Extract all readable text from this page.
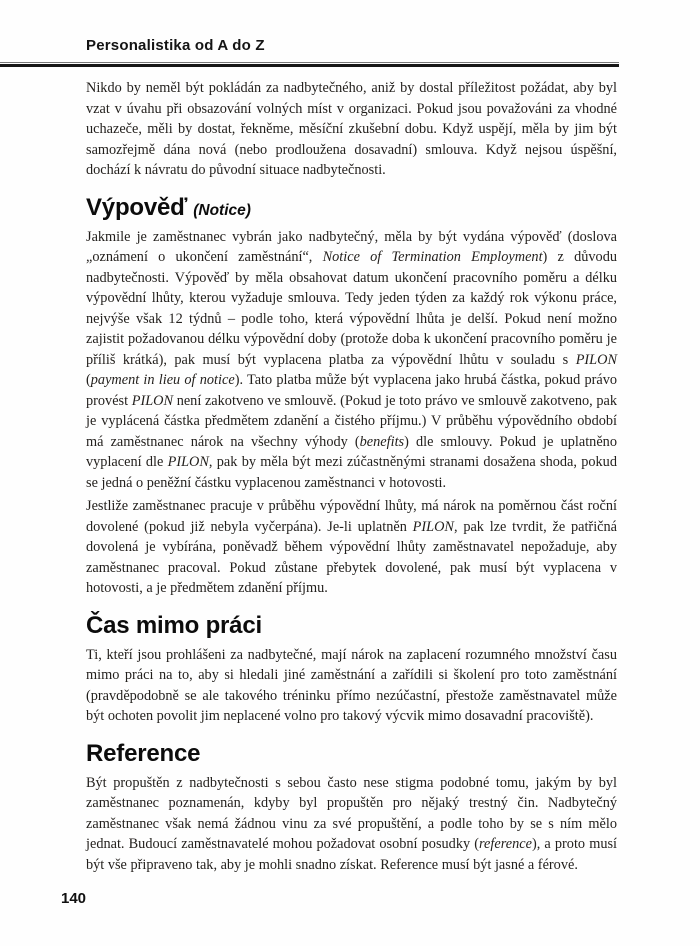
Personalistika od A do Z

Nikdo by neměl být pokládán za nadbytečného, aniž by dostal příležitost požádat, aby byl vzat v úvahu při obsazování volných míst v organizaci. Pokud jsou považováni za vhodné uchazeče, měli by dostat, řekněme, měsíční zkušební dobu. Když uspějí, měla by jim být samozřejmě dána nová (nebo prodloužena dosavadní) smlouva. Když nejsou úspěšní, dochází k návratu do původní situace nadbytečnosti.

Výpověď (Notice)

Jakmile je zaměstnanec vybrán jako nadbytečný, měla by být vydána výpověď (doslova „oznámení o ukončení zaměstnání“, Notice of Termination Employment) z důvodu nadbytečnosti. Výpověď by měla obsahovat datum ukončení pracovního poměru a délku výpovědní lhůty, kterou vyžaduje smlouva. Tedy jeden týden za každý rok výkonu práce, nejvýše však 12 týdnů – podle toho, která výpovědní lhůta je delší. Pokud není možno zajistit požadovanou délku výpovědní doby (protože doba k ukončení pracovního poměru je příliš krátká), pak musí být vyplacena platba za výpovědní lhůtu v souladu s PILON (payment in lieu of notice). Tato platba může být vyplacena jako hrubá částka, pokud právo provést PILON není zakotveno ve smlouvě. (Pokud je toto právo ve smlouvě zakotveno, pak je vyplácená částka předmětem zdanění a čistého příjmu.) V průběhu výpovědního období má zaměstnanec nárok na všechny výhody (benefits) dle smlouvy. Pokud je uplatněno vyplacení dle PILON, pak by měla být mezi zúčastněnými stranami dosažena shoda, pokud se jedná o peněžní částku vyplacenou zaměstnanci v hotovosti.

Jestliže zaměstnanec pracuje v průběhu výpovědní lhůty, má nárok na poměrnou část roční dovolené (pokud již nebyla vyčerpána). Je-li uplatněn PILON, pak lze tvrdit, že patřičná dovolená je vybírána, poněvadž během výpovědní lhůty zaměstnavatel nepožaduje, aby zaměstnanec pracoval. Pokud zůstane přebytek dovolené, pak musí být vyplacena v hotovosti, a je předmětem zdanění příjmu.

Čas mimo práci

Ti, kteří jsou prohlášeni za nadbytečné, mají nárok na zaplacení rozumného množství času mimo práci na to, aby si hledali jiné zaměstnání a zařídili si školení pro toto zaměstnání (pravděpodobně se ale takového tréninku přímo nezúčastní, přestože zaměstnavatel může být ochoten povolit jim neplacené volno pro takový výcvik mimo dosavadní pracoviště).

Reference

Být propuštěn z nadbytečnosti s sebou často nese stigma podobné tomu, jakým by byl zaměstnanec poznamenán, kdyby byl propuštěn pro nějaký trestný čin. Nadbytečný zaměstnanec však nemá žádnou vinu za své propuštění, a podle toho by se s ním mělo jednat. Budoucí zaměstnavatelé mohou požadovat osobní posudky (reference), a proto musí být vše připraveno tak, aby je mohli snadno získat. Reference musí být jasné a férové.

140
